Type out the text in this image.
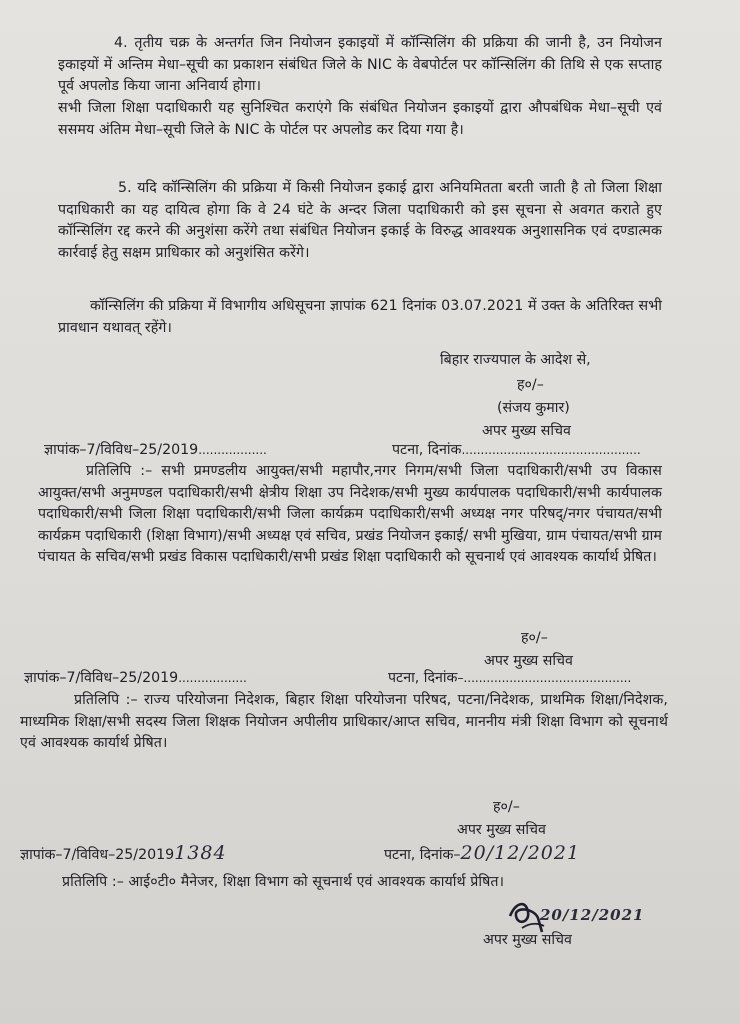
4. तृतीय चक्र के अन्तर्गत जिन नियोजन इकाइयों में कॉन्सिलिंग की प्रक्रिया की जानी है, उन नियोजन इकाइयों में अन्तिम मेधा–सूची का प्रकाशन संबंधित जिले के NIC के वेबपोर्टल पर कॉन्सिलिंग की तिथि से एक सप्ताह पूर्व अपलोड किया जाना अनिवार्य होगा।
सभी जिला शिक्षा पदाधिकारी यह सुनिश्चित कराएंगे कि संबंधित नियोजन इकाइयों द्वारा औपबंधिक मेधा–सूची एवं ससमय अंतिम मेधा–सूची जिले के NIC के पोर्टल पर अपलोड कर दिया गया है।
5. यदि कॉन्सिलिंग की प्रक्रिया में किसी नियोजन इकाई द्वारा अनियमितता बरती जाती है तो जिला शिक्षा पदाधिकारी का यह दायित्व होगा कि वे 24 घंटे के अन्दर जिला पदाधिकारी को इस सूचना से अवगत कराते हुए कॉन्सिलिंग रद्द करने की अनुशंसा करेंगे तथा संबंधित नियोजन इकाई के विरुद्ध आवश्यक अनुशासनिक एवं दण्डात्मक कार्रवाई हेतु सक्षम प्राधिकार को अनुशंसित करेंगे।
कॉन्सिलिंग की प्रक्रिया में विभागीय अधिसूचना ज्ञापांक 621 दिनांक 03.07.2021 में उक्त के अतिरिक्त सभी प्रावधान यथावत् रहेंगे।
बिहार राज्यपाल के आदेश से,
ह०/–
(संजय कुमार)
अपर मुख्य सचिव
ज्ञापांक–7/विविध–25/2019..................	पटना, दिनांक...............................................
प्रतिलिपि :– सभी प्रमण्डलीय आयुक्त/सभी महापौर,नगर निगम/सभी जिला पदाधिकारी/सभी उप विकास आयुक्त/सभी अनुमण्डल पदाधिकारी/सभी क्षेत्रीय शिक्षा उप निदेशक/सभी मुख्य कार्यपालक पदाधिकारी/सभी कार्यपालक पदाधिकारी/सभी जिला शिक्षा पदाधिकारी/सभी जिला कार्यक्रम पदाधिकारी/सभी अध्यक्ष नगर परिषद्/नगर पंचायत/सभी कार्यक्रम पदाधिकारी (शिक्षा विभाग)/सभी अध्यक्ष एवं सचिव, प्रखंड नियोजन इकाई/ सभी मुखिया, ग्राम पंचायत/सभी ग्राम पंचायत के सचिव/सभी प्रखंड विकास पदाधिकारी/सभी प्रखंड शिक्षा पदाधिकारी को सूचनार्थ एवं आवश्यक कार्यार्थ प्रेषित।
ह०/–
अपर मुख्य सचिव
ज्ञापांक–7/विविध–25/2019..................	पटना, दिनांक–............................................
प्रतिलिपि :– राज्य परियोजना निदेशक, बिहार शिक्षा परियोजना परिषद, पटना/निदेशक, प्राथमिक शिक्षा/निदेशक, माध्यमिक शिक्षा/सभी सदस्य जिला शिक्षक नियोजन अपीलीय प्राधिकार/आप्त सचिव, माननीय मंत्री शिक्षा विभाग को सूचनार्थ एवं आवश्यक कार्यार्थ प्रेषित।
ह०/–
अपर मुख्य सचिव
ज्ञापांक–7/विविध–25/20191384	पटना, दिनांक–20/12/2021
प्रतिलिपि :– आई०टी० मैनेजर, शिक्षा विभाग को सूचनार्थ एवं आवश्यक कार्यार्थ प्रेषित।
20/12/2021
अपर मुख्य सचिव
